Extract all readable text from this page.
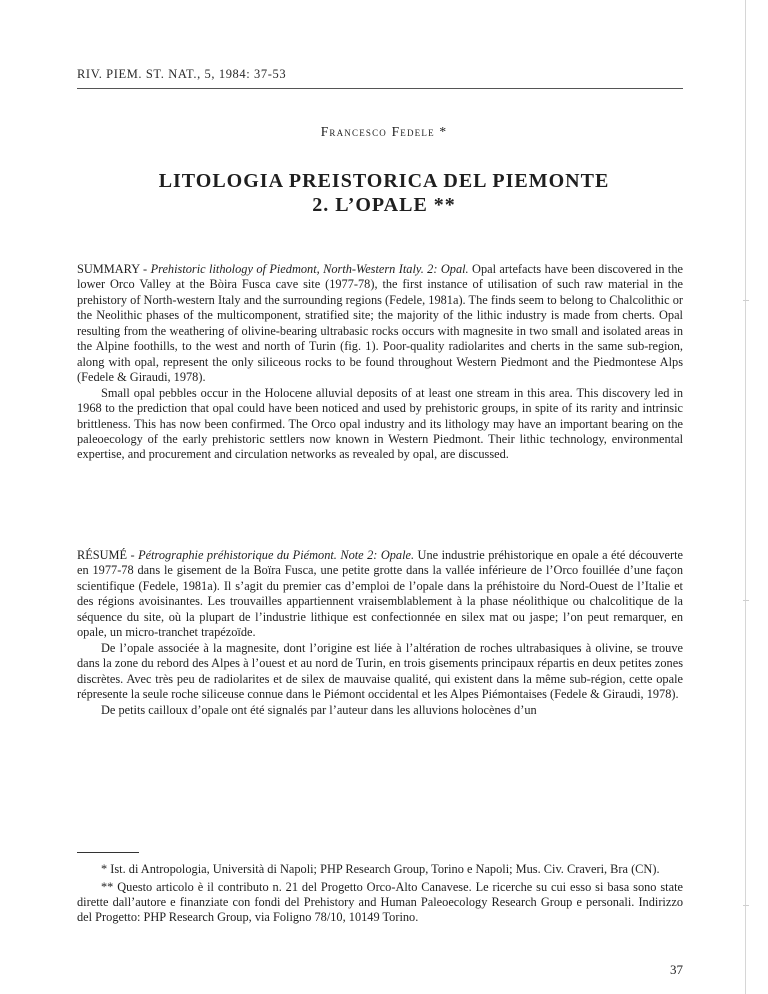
RIV. PIEM. ST. NAT., 5, 1984: 37-53
Francesco Fedele *
LITOLOGIA PREISTORICA DEL PIEMONTE
2. L’OPALE **

SUMMARY - Prehistoric lithology of Piedmont, North-Western Italy. 2: Opal. Opal artefacts have been discovered in the lower Orco Valley at the Bòira Fusca cave site (1977-78), the first instance of utilisation of such raw material in the prehistory of North-western Italy and the surrounding regions (Fedele, 1981a). The finds seem to belong to Chalcolithic or the Neolithic phases of the multicomponent, stratified site; the majority of the lithic industry is made from cherts. Opal resulting from the weathering of olivine-bearing ultrabasic rocks occurs with magnesite in two small and isolated areas in the Alpine foothills, to the west and north of Turin (fig. 1). Poor-quality radiolarites and cherts in the same sub-region, along with opal, represent the only siliceous rocks to be found throughout Western Piedmont and the Piedmontese Alps (Fedele & Giraudi, 1978).

Small opal pebbles occur in the Holocene alluvial deposits of at least one stream in this area. This discovery led in 1968 to the prediction that opal could have been noticed and used by prehistoric groups, in spite of its rarity and intrinsic brittleness. This has now been confirmed. The Orco opal industry and its lithology may have an important bearing on the paleoecology of the early prehistoric settlers now known in Western Piedmont. Their lithic technology, environmental expertise, and procurement and circulation networks as revealed by opal, are discussed.

RÉSUMÉ - Pétrographie préhistorique du Piémont. Note 2: Opale. Une industrie préhistorique en opale a été découverte en 1977-78 dans le gisement de la Boïra Fusca, une petite grotte dans la vallée inférieure de l’Orco fouillée d’une façon scientifique (Fedele, 1981a). Il s’agit du premier cas d’emploi de l’opale dans la préhistoire du Nord-Ouest de l’Italie et des régions avoisinantes. Les trouvailles appartiennent vraisemblablement à la phase néolithique ou chalcolitique de la séquence du site, où la plupart de l’industrie lithique est confectionnée en silex mat ou jaspe; l’on peut remarquer, en opale, un micro-tranchet trapézoïde.

De l’opale associée à la magnesite, dont l’origine est liée à l’altération de roches ultrabasiques à olivine, se trouve dans la zone du rebord des Alpes à l’ouest et au nord de Turin, en trois gisements principaux répartis en deux petites zones discrètes. Avec très peu de radiolarites et de silex de mauvaise qualité, qui existent dans la même sub-région, cette opale répresente la seule roche siliceuse connue dans le Piémont occidental et les Alpes Piémontaises (Fedele & Giraudi, 1978).

De petits cailloux d’opale ont été signalés par l’auteur dans les alluvions holocènes d’un

* Ist. di Antropologia, Università di Napoli; PHP Research Group, Torino e Napoli; Mus. Civ. Craveri, Bra (CN).

** Questo articolo è il contributo n. 21 del Progetto Orco-Alto Canavese. Le ricerche su cui esso si basa sono state dirette dall’autore e finanziate con fondi del Prehistory and Human Paleoecology Research Group e personali. Indirizzo del Progetto: PHP Research Group, via Foligno 78/10, 10149 Torino.

37
